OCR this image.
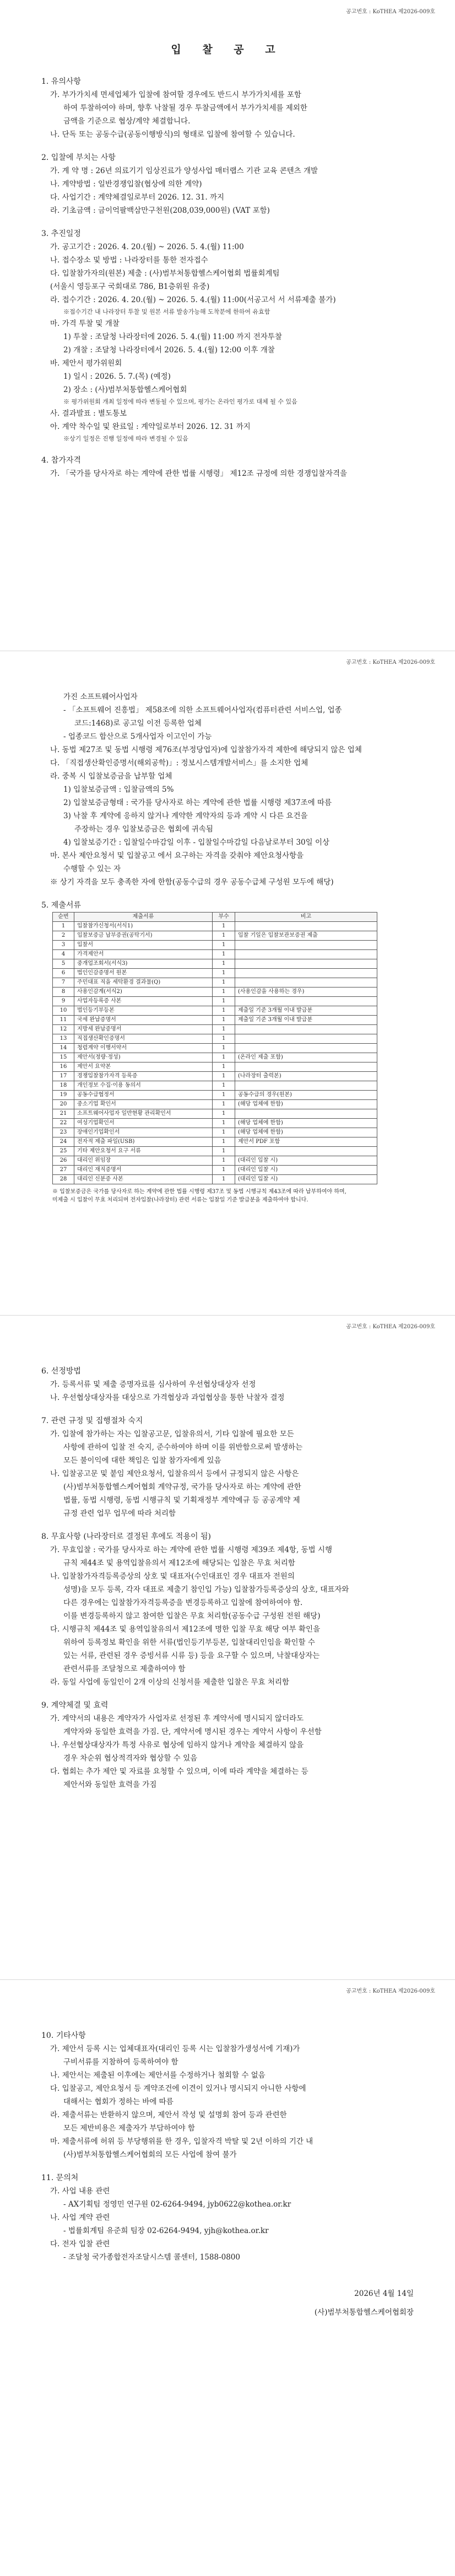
공고번호 : KoTHEA 제2026-009호
입 찰 공 고
1. 유의사항
가. 부가가치세 면세업체가 입찰에 참여할 경우에도 반드시 부가가치세를 포함
하여 투찰하여야 하며, 향후 낙찰될 경우 투찰금액에서 부가가치세를 제외한
금액을 기준으로 협상/계약 체결합니다.
나. 단독 또는 공동수급(공동이행방식)의 형태로 입찰에 참여할 수 있습니다.
2. 입찰에 부치는 사항
가. 계 약 명 : 26년 의료기기 임상진료가 양성사업 매터랩스 기관 교육 콘텐츠 개발
나. 계약방법 : 일반경쟁입찰(협상에 의한 계약)
다. 사업기간 : 계약체결일로부터 2026. 12. 31. 까지
라. 기초금액 : 금이억팔백삼만구천원(208,039,000원) (VAT 포함)
3. 추진일정
가. 공고기간 : 2026. 4. 20.(월) ~ 2026. 5. 4.(월) 11:00
나. 접수장소 및 방법 : 나라장터를 통한 전자접수
다. 입찰참가자의(원본) 제출 : (사)범부처통합헬스케어협회 법률회계팀
(서울시 영등포구 국회대로 786, B1층위원 유중)
라. 접수기간 : 2026. 4. 20.(월) ~ 2026. 5. 4.(월) 11:00(서공고서 서 서류제출 불가)
※접수기간 내 나라장터 투찰 및 원본 서류 발송가능해 도착분에 한하여 유효함
마. 가격 투찰 및 개찰
1) 투찰 : 조달청 나라장터에 2026. 5. 4.(월) 11:00 까지 전자투찰
2) 개찰 : 조달청 나라장터에서 2026. 5. 4.(월) 12:00 이후 개찰
바. 제안서 평가위원회
1) 일시 : 2026. 5. 7.(목) (예정)
2) 장소 : (사)범부처통합헬스케어협회
※ 평가위원회 개최 일정에 따라 변동될 수 있으며, 평가는 온라인 평가로 대체 될 수 있음
사. 결과발표 : 별도통보
아. 계약 착수일 및 완료일 : 계약일로부터 2026. 12. 31 까지
※상기 일정은 진행 일정에 따라 변경될 수 있음
4. 참가자격
가. 「국가를 당사자로 하는 계약에 관한 법률 시행령」 제12조 규정에 의한 경쟁입찰자격을
공고번호 : KoTHEA 제2026-009호
가진 소프트웨어사업자
- 「소프트웨어 진흥법」 제58조에 의한 소프트웨어사업자(컴퓨터관련 서비스업, 업종
코드:1468)로 공고일 이전 등록한 업체
- 업종코드 합산으로 5개사업자 이고인이 가능
나. 동법 제27조 및 동법 시행령 제76조(부정당업자)에 입찰참가자격 제한에 해당되지 않은 업체
다. 「직접생산확인증명서(해외공학)」: 정보시스템개발서비스」를 소지한 업체
라. 중복 시 입찰보증금을 납부할 업체
1) 입찰보증금액 : 입찰금액의 5%
2) 입찰보증금형태 : 국가를 당사자로 하는 계약에 관한 법률 시행령 제37조에 따름
3) 낙찰 후 계약에 응하지 않거나 계약한 계약자의 등과 계약 시 다른 요건을
주장하는 경우 입찰보증금은 협회에 귀속됨
4) 입찰보증기간 : 입찰일수마감일 이후 - 입찰일수마감일 다음날로부터 30일 이상
마. 본사 제안요청서 및 입찰공고 에서 요구하는 자격을 갖춰야 제안요청사항을
수행할 수 있는 자
※ 상기 자격을 모두 충족한 자에 한함(공동수급의 경우 공동수급체 구성원 모두에 해당)
5. 제출서류
순번	제출서류	부수	비고
1	입찰참가신청서(서식1)	1	
2	입찰보증금 납부증권(공탁기서)	1	입찰 기일은 입찰보관보증권 제출
3	입찰서	1	
4	가격제안서	1	
5	중개업조회서(서식3)	1	
6	법인인감증명서 원본	1	
7	주민대표 직을 세탁환경 결과물(Q)	1	
8	사용인감계(서식2)	1	(사용인감을 사용하는 경우)
9	사업자등록증 사본	1	
10	법인등기부등본	1	제출일 기준 3개월 이내 발급분
11	국세 완납증명서	1	제출일 기준 3개월 이내 발급분
12	지방세 완납증명서	1	
13	직접생산확인증명서	1	
14	청렴계약 이행서약서	1	
15	제안서(정량·정성)	1	(온라인 제출 포함)
16	제안서 요약본	1	
17	경쟁입찰참가자격 등록증	1	(나라장터 출력본)
18	개인정보 수집·이용 동의서	1	
19	공동수급협정서	1	공동수급의 경우(원본)
20	중소기업 확인서	1	(해당 업체에 한함)
21	소프트웨어사업자 일반현황 관리확인서	1	
22	여성기업확인서	1	(해당 업체에 한함)
23	장애인기업확인서	1	(해당 업체에 한함)
24	전자적 제출 파일(USB)	1	제안서 PDF 포함
25	기타 제안요청서 요구 서류	1	
26	대리인 위임장	1	(대리인 입찰 시)
27	대리인 재직증명서	1	(대리인 입찰 시)
28	대리인 신분증 사본	1	(대리인 입찰 시)
※ 입찰보증금은 국가를 당사자로 하는 계약에 관한 법률 시행령 제37조 및 동법 시행규칙 제43조에 따라 납부하여야 하며,
미제출 시 입찰이 무효 처리되며 전자입찰(나라장터) 관련 서류는 입찰일 기준 발급분을 제출하여야 합니다.
공고번호 : KoTHEA 제2026-009호
6. 선정방법
가. 등록서류 및 제출 증명자료를 심사하여 우선협상대상자 선정
나. 우선협상대상자를 대상으로 가격협상과 과업협상을 통한 낙찰자 결정
7. 관련 규정 및 집행절차 숙지
가. 입찰에 참가하는 자는 입찰공고문, 입찰유의서, 기타 입찰에 필요한 모든
사항에 관하여 입찰 전 숙지, 준수하여야 하며 이를 위반함으로써 발생하는
모든 불이익에 대한 책임은 입찰 참가자에게 있음
나. 입찰공고문 및 붙임 제안요청서, 입찰유의서 등에서 규정되지 않은 사항은
(사)범부처통합헬스케어협회 계약규정, 국가를 당사자로 하는 계약에 관한
법률, 동법 시행령, 동법 시행규칙 및 기획재정부 계약예규 등 공공계약 제
규정 관련 업무 업무에 따라 처리함
8. 무효사항 (나라장터로 결정된 후에도 적용이 됨)
가. 무효입찰 : 국가를 당사자로 하는 계약에 관한 법률 시행령 제39조 제4항, 동법 시행
규칙 제44조 및 용역입찰유의서 제12조에 해당되는 입찰은 무효 처리함
나. 입찰참가자격등록증상의 상호 및 대표자(수인대표인 경우 대표자 전원의
성명)을 모두 등록, 각자 대표로 제출기 참인입 가능) 입찰참가등록증상의 상호, 대표자와
다른 경우에는 입찰참가자격등록증을 변경등록하고 입찰에 참여하여야 함.
이를 변경등록하지 않고 참여한 입찰은 무효 처리함(공동수급 구성원 전원 해당)
다. 시행규칙 제44조 및 용역입찰유의서 제12조에 명한 입찰 무효 해당 여부 확인을
위하여 등록정보 확인을 위한 서류(법인등기부등본, 입찰대리인임을 확인할 수
있는 서류, 관련된 경우 증빙서류 시류 등) 등을 요구할 수 있으며, 낙찰대상자는
관련서류를 조달청으로 제출하여야 함
라. 동일 사업에 동일인이 2개 이상의 신청서를 제출한 입찰은 무효 처리함
9. 계약체결 및 효력
가. 계약서의 내용은 계약자가 사업자로 선정된 후 계약서에 명시되지 않더라도
계약자와 동일한 효력을 가짐. 단, 계약서에 명시된 경우는 계약서 사항이 우선함
나. 우선협상대상자가 특정 사유로 협상에 임하지 않거나 계약을 체결하지 않을
경우 차순위 협상적격자와 협상할 수 있음
다. 협회는 추가 제안 및 자료를 요청할 수 있으며, 이에 따라 계약을 체결하는 등
제안서와 동일한 효력을 가짐
공고번호 : KoTHEA 제2026-009호
10. 기타사항
가. 제안서 등록 시는 업체대표자(대리인 등록 시는 입찰참가생성서에 기재)가
구비서류를 지참하여 등록하여야 함
나. 제안서는 제출된 이후에는 제안서를 수정하거나 철회할 수 없음
다. 입찰공고, 제안요청서 등 계약조건에 이견이 있거나 명시되지 아니한 사항에
대해서는 협회가 정하는 바에 따름
라. 제출서류는 반환하지 않으며, 제안서 작성 및 설명회 참여 등과 관련한
모든 제반비용은 제출자가 부담하여야 함
마. 제출서류에 허위 등 부당행위를 한 경우, 입찰자격 박탈 및 2년 이하의 기간 내
(사)범부처통합헬스케어협회의 모든 사업에 참여 불가
11. 문의처
가. 사업 내용 관련
- AX기획팀 정영민 연구원 02-6264-9494, jyb0622@kothea.or.kr
나. 사업 계약 관련
- 법률회계팀 유준희 팀장 02-6264-9494, yjh@kothea.or.kr
다. 전자 입찰 관련
- 조달청 국가종합전자조달시스템 콜센터, 1588-0800
2026년 4월 14일
(사)범부처통합헬스케어협회장
